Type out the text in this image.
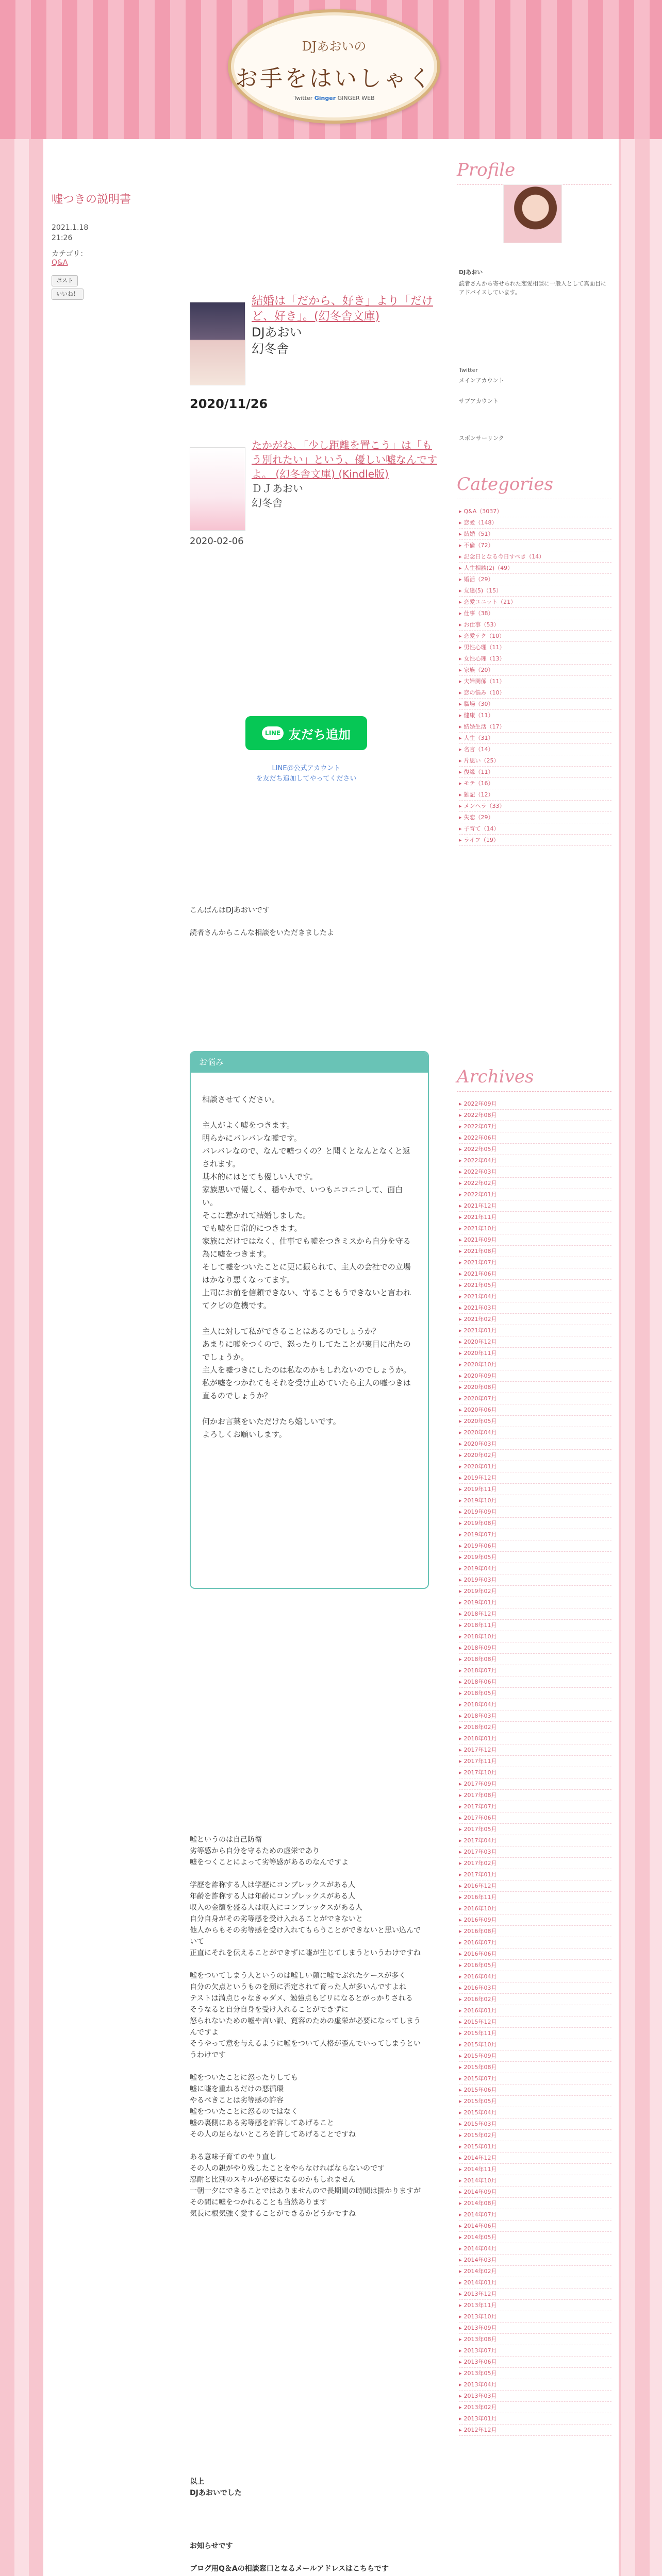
DJあおいの
お手をはいしゃく
Twitter Ginger GINGER WEB
嘘つきの説明書
2021.1.18
21:26
カテゴリ：
Q&A
ポスト
いいね！
結婚は「だから、好き」より「だけど、好き」。(幻冬舎文庫)
DJあおい
幻冬舎
2020/11/26
たかがね、「少し距離を置こう」は「もう別れたい」という、優しい嘘なんですよ。 (幻冬舎文庫) (Kindle版)
ＤＪあおい
幻冬舎
2020-02-06
LINE 友だち追加
LINE＠公式アカウント
を友だち追加してやってください
こんばんはDJあおいです

読者さんからこんな相談をいただきましたよ
お悩み
相談させてください。

主人がよく嘘をつきます。
明らかにバレバレな嘘です。
バレバレなので、なんで嘘つくの？と聞くとなんとなくと返されます。
基本的にはとても優しい人です。
家族思いで優しく、穏やかで、いつもニコニコして、面白い。
そこに惹かれて結婚しました。
でも嘘を日常的につきます。
家族にだけではなく、仕事でも嘘をつきミスから自分を守る為に嘘をつきます。
そして嘘をついたことに更に振られて、主人の会社での立場はかなり悪くなってます。
上司にお前を信頼できない、守ることもうできないと言われてクビの危機です。

主人に対して私ができることはあるのでしょうか？
あまりに嘘をつくので、怒ったりしてたことが裏目に出たのでしょうか。
主人を嘘つきにしたのは私なのかもしれないのでしょうか。
私が嘘をつかれてもそれを受け止めていたら主人の嘘つきは直るのでしょうか？

何かお言葉をいただけたら嬉しいです。
よろしくお願いします。
嘘というのは自己防衛
劣等感から自分を守るための虚栄であり
嘘をつくことによって劣等感があるのなんですよ

学歴を詐称する人は学歴にコンプレックスがある人
年齢を詐称する人は年齢にコンプレックスがある人
収入の金額を盛る人は収入にコンプレックスがある人
自分自身がその劣等感を受け入れることができないと
他人からもその劣等感を受け入れてもらうことができないと思い込んでいて
正直にそれを伝えることができずに嘘が生じてしまうというわけですね

嘘をついてしまう人というのは嘘しい顔に嘘でぶれたケースが多く
自分の欠点というものを顔に否定されて育った人が多いんですよね
テストは満点じゃなきゃダメ、勉強点もビリになるとがっかりされる
そうなると自分自身を受け入れることができずに
怒られないための嘘や言い訳、寛容のための虚栄が必要になってしまうんですよ
そうやって意を与えるように嘘をついて人格が歪んでいってしまうというわけです

嘘をついたことに怒ったりしても
嘘に嘘を重ねるだけの悪循環
やるべきことは劣等感の許容
嘘をついたことに怒るのではなく
嘘の裏側にある劣等感を許容してあげること
その人の足らないところを許してあげることですね

ある意味子育てのやり直し
その人の親がやり残したことをやらなければならないのです
忍耐と比別のスキルが必要になるのかもしれません
一朝一夕にできることではありませんので長期間の時間は掛かりますが
その間に嘘をつかれることも当然あります
気長に根気強く愛することができるかどうかですね
以上
DJあおいでした
お知らせです
ブログ用Q＆Aの相談窓口となるメールアドレスはこちらです
Profile
DJあおい
読者さんから寄せられた恋愛相談に一般人として真面目にアドバイスしています。
Twitter
メインアカウント
サブアカウント
スポンサーリンク
Categories
▸ Q&A（3037）
▸ 恋愛（148）
▸ 結婚（51）
▸ 不倫（72）
▸ 記念日となる今日すべき（14）
▸ 人生相談(2)（49）
▸ 婚活（29）
▸ 友達(5)（15）
▸ 恋愛ユニット（21）
▸ 仕事（38）
▸ お仕事（53）
▸ 恋愛テク（10）
▸ 男性心理（11）
▸ 女性心理（13）
▸ 家族（20）
▸ 夫婦関係（11）
▸ 恋の悩み（10）
▸ 職場（30）
▸ 健康（11）
▸ 結婚生活（17）
▸ 人生（31）
▸ 名言（14）
▸ 片思い（25）
▸ 復縁（11）
▸ モテ（16）
▸ 雑記（12）
▸ メンヘラ（33）
▸ 失恋（29）
▸ 子育て（14）
▸ ライフ（19）
Archives
▸ 2022年09月
▸ 2022年08月
▸ 2022年07月
▸ 2022年06月
▸ 2022年05月
▸ 2022年04月
▸ 2022年03月
▸ 2022年02月
▸ 2022年01月
▸ 2021年12月
▸ 2021年11月
▸ 2021年10月
▸ 2021年09月
▸ 2021年08月
▸ 2021年07月
▸ 2021年06月
▸ 2021年05月
▸ 2021年04月
▸ 2021年03月
▸ 2021年02月
▸ 2021年01月
▸ 2020年12月
▸ 2020年11月
▸ 2020年10月
▸ 2020年09月
▸ 2020年08月
▸ 2020年07月
▸ 2020年06月
▸ 2020年05月
▸ 2020年04月
▸ 2020年03月
▸ 2020年02月
▸ 2020年01月
▸ 2019年12月
▸ 2019年11月
▸ 2019年10月
▸ 2019年09月
▸ 2019年08月
▸ 2019年07月
▸ 2019年06月
▸ 2019年05月
▸ 2019年04月
▸ 2019年03月
▸ 2019年02月
▸ 2019年01月
▸ 2018年12月
▸ 2018年11月
▸ 2018年10月
▸ 2018年09月
▸ 2018年08月
▸ 2018年07月
▸ 2018年06月
▸ 2018年05月
▸ 2018年04月
▸ 2018年03月
▸ 2018年02月
▸ 2018年01月
▸ 2017年12月
▸ 2017年11月
▸ 2017年10月
▸ 2017年09月
▸ 2017年08月
▸ 2017年07月
▸ 2017年06月
▸ 2017年05月
▸ 2017年04月
▸ 2017年03月
▸ 2017年02月
▸ 2017年01月
▸ 2016年12月
▸ 2016年11月
▸ 2016年10月
▸ 2016年09月
▸ 2016年08月
▸ 2016年07月
▸ 2016年06月
▸ 2016年05月
▸ 2016年04月
▸ 2016年03月
▸ 2016年02月
▸ 2016年01月
▸ 2015年12月
▸ 2015年11月
▸ 2015年10月
▸ 2015年09月
▸ 2015年08月
▸ 2015年07月
▸ 2015年06月
▸ 2015年05月
▸ 2015年04月
▸ 2015年03月
▸ 2015年02月
▸ 2015年01月
▸ 2014年12月
▸ 2014年11月
▸ 2014年10月
▸ 2014年09月
▸ 2014年08月
▸ 2014年07月
▸ 2014年06月
▸ 2014年05月
▸ 2014年04月
▸ 2014年03月
▸ 2014年02月
▸ 2014年01月
▸ 2013年12月
▸ 2013年11月
▸ 2013年10月
▸ 2013年09月
▸ 2013年08月
▸ 2013年07月
▸ 2013年06月
▸ 2013年05月
▸ 2013年04月
▸ 2013年03月
▸ 2013年02月
▸ 2013年01月
▸ 2012年12月
